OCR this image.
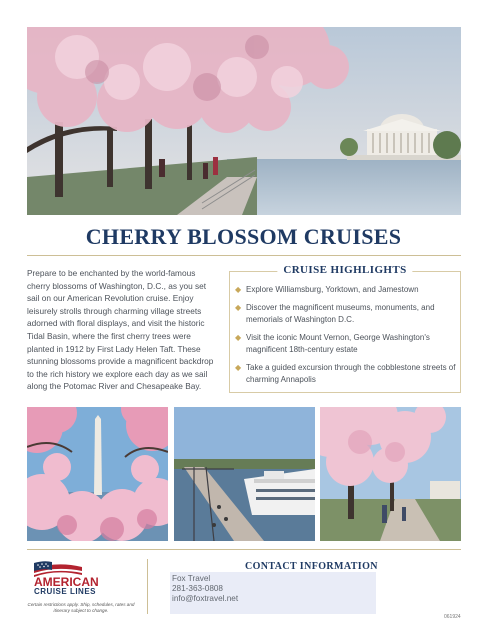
CHERRY BLOSSOM CRUISES

Prepare to be enchanted by the world-famous cherry blossoms of Washington, D.C., as you set sail on our American Revolution cruise. Enjoy leisurely strolls through charming village streets adorned with floral displays, and visit the historic Tidal Basin, where the first cherry trees were planted in 1912 by First Lady Helen Taft. These stunning blossoms provide a magnificent backdrop to the rich history we explore each day as we sail along the Potomac River and Chesapeake Bay.

CRUISE HIGHLIGHTS
◆ Explore Williamsburg, Yorktown, and Jamestown
◆ Discover the magnificent museums, monuments, and memorials of Washington D.C.
◆ Visit the iconic Mount Vernon, George Washington's magnificent 18th-century estate
◆ Take a guided excursion through the cobblestone streets of charming Annapolis
AMERICAN
CRUISE LINES
Certain restrictions apply. Ship, schedules, rates and itinerary subject to change.
CONTACT INFORMATION
Fox Travel
281-363-0808
info@foxtravel.net
061924
